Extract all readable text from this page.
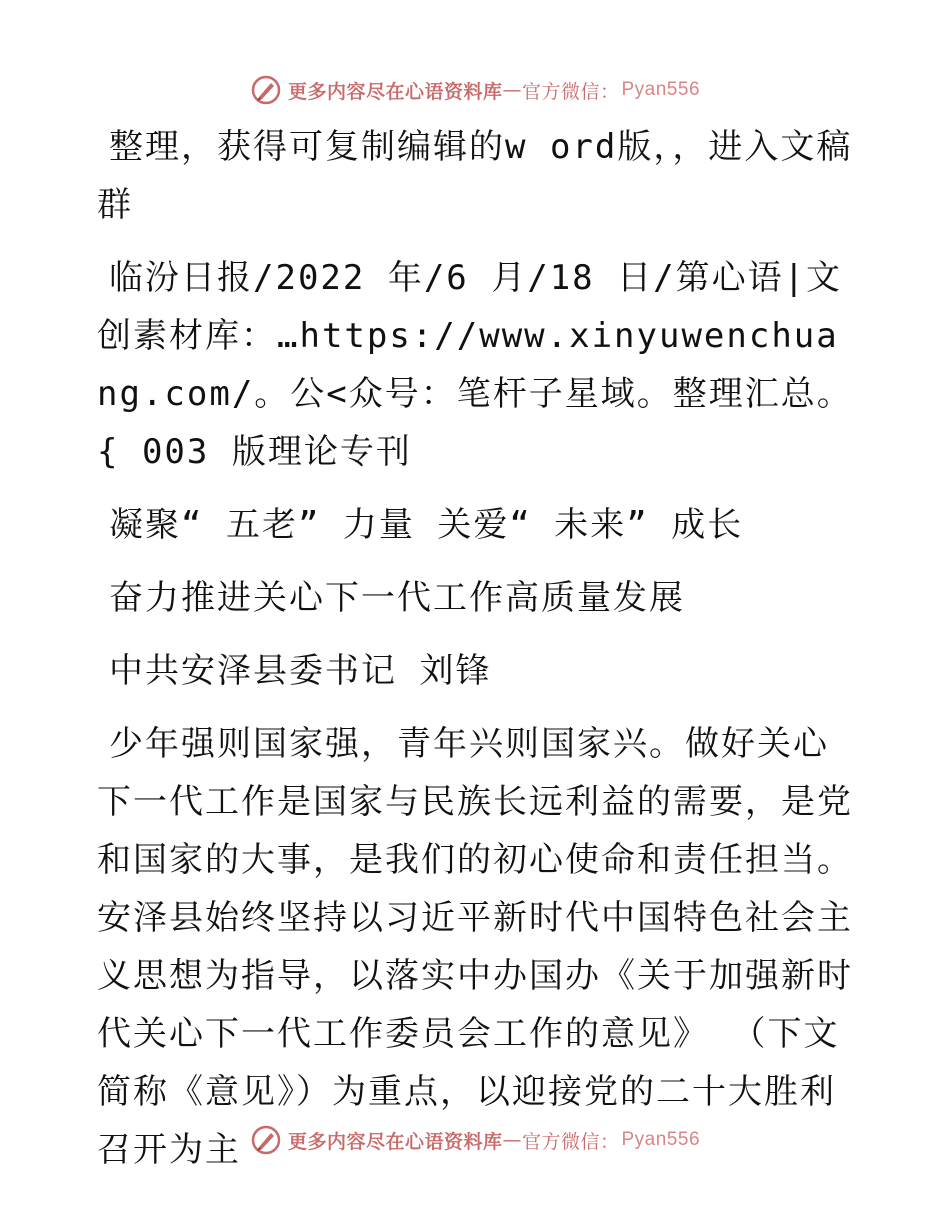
更多内容尽在心语资料库 — 官方微信： Pyan556

整理，获得可复制编辑的w ord版，，进入文稿群

临汾日报/2022 年/6 月/18 日/第心语|文创素材库：…https://www.xinyuwenchuang.com/。公<众号：笔杆子星域。整理汇总。{ 003 版理论专刊

凝聚“ 五老” 力量 关爱“ 未来” 成长

奋力推进关心下一代工作高质量发展

中共安泽县委书记 刘锋

少年强则国家强，青年兴则国家兴。做好关心下一代工作是国家与民族长远利益的需要，是党和国家的大事，是我们的初心使命和责任担当。安泽县始终坚持以习近平新时代中国特色社会主义思想为指导，以落实中办国办《关于加强新时代关心下一代工作委员会工作的意见》 （下文简称《意见》）为重点，以迎接党的二十大胜利召开为主	更多内容尽在心语资料库 — 官方微信： Pyan556
